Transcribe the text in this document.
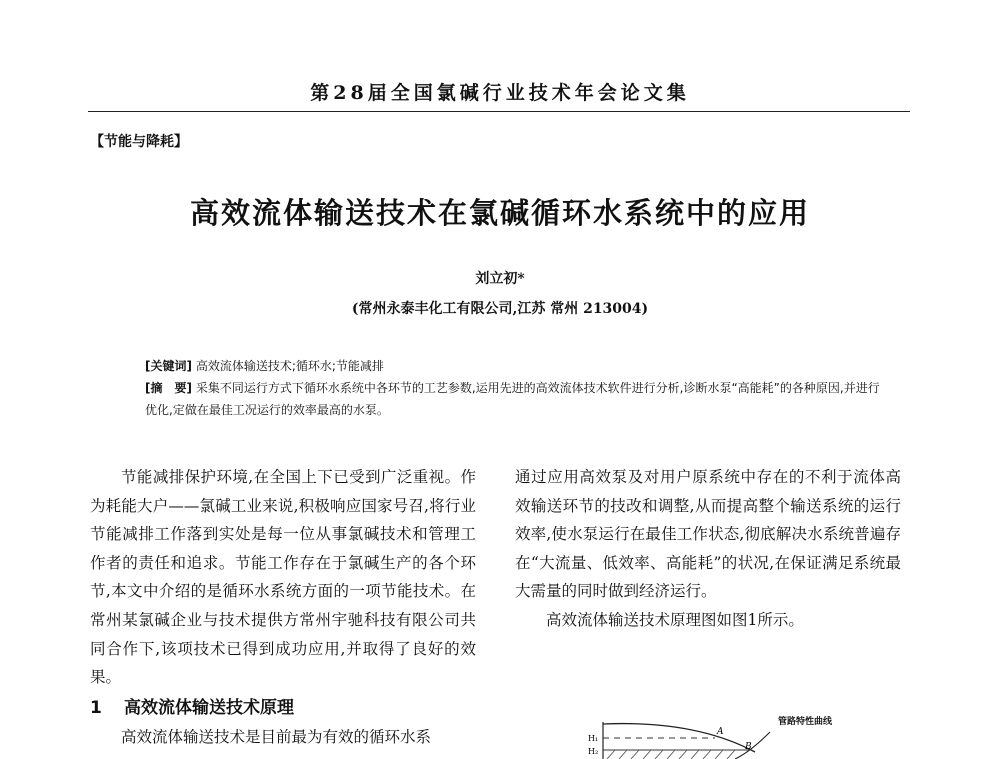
第28届全国氯碱行业技术年会论文集
【节能与降耗】
高效流体输送技术在氯碱循环水系统中的应用
刘立初*
(常州永泰丰化工有限公司,江苏 常州 213004)
[关键词] 高效流体输送技术;循环水;节能减排
[摘　要] 采集不同运行方式下循环水系统中各环节的工艺参数,运用先进的高效流体技术软件进行分析,诊断水泵“高能耗”的各种原因,并进行优化,定做在最佳工况运行的效率最高的水泵。

节能减排保护环境,在全国上下已受到广泛重视。作为耗能大户——氯碱工业来说,积极响应国家号召,将行业节能减排工作落到实处是每一位从事氯碱技术和管理工作者的责任和追求。节能工作存在于氯碱生产的各个环节,本文中介绍的是循环水系统方面的一项节能技术。在常州某氯碱企业与技术提供方常州宇驰科技有限公司共同合作下,该项技术已得到成功应用,并取得了良好的效果。

1 高效流体输送技术原理

高效流体输送技术是目前最为有效的循环水系

通过应用高效泵及对用户原系统中存在的不利于流体高效输送环节的技改和调整,从而提高整个输送系统的运行效率,使水泵运行在最佳工作状态,彻底解决水系统普遍存在“大流量、低效率、高能耗”的状况,在保证满足系统最大需量的同时做到经济运行。

高效流体输送技术原理图如图1所示。

H₁
H₂
A
B
管路特性曲线
